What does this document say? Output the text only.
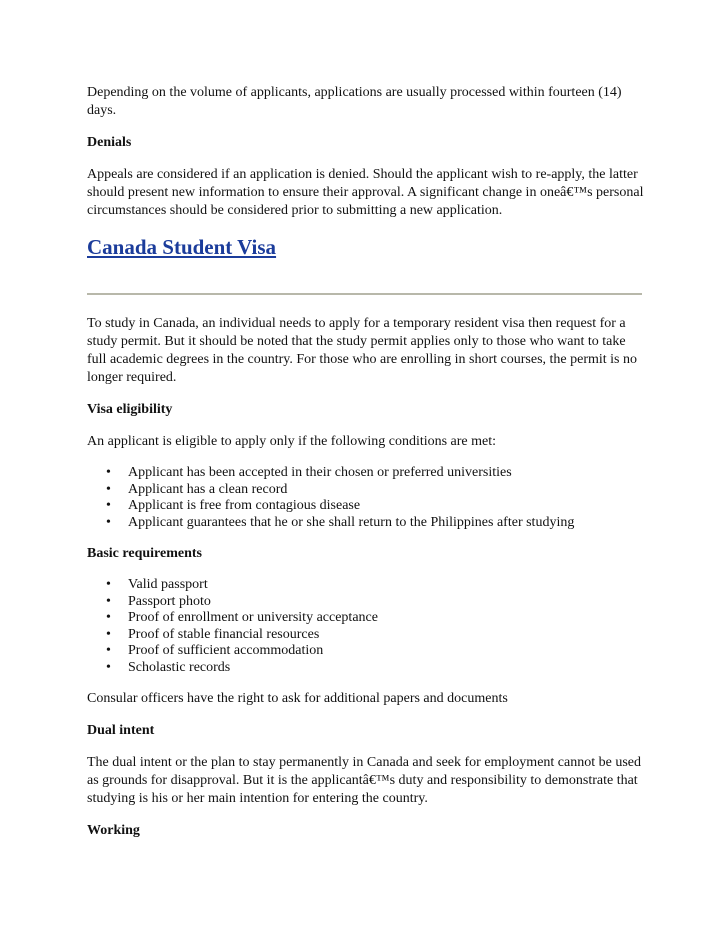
Depending on the volume of applicants, applications are usually processed within fourteen (14) days.

Denials

Appeals are considered if an application is denied. Should the applicant wish to re-apply, the latter should present new information to ensure their approval. A significant change in oneâ€™s personal circumstances should be considered prior to submitting a new application.

Canada Student Visa

To study in Canada, an individual needs to apply for a temporary resident visa then request for a study permit. But it should be noted that the study permit applies only to those who want to take full academic degrees in the country. For those who are enrolling in short courses, the permit is no longer required.

Visa eligibility

An applicant is eligible to apply only if the following conditions are met:

• Applicant has been accepted in their chosen or preferred universities
• Applicant has a clean record
• Applicant is free from contagious disease
• Applicant guarantees that he or she shall return to the Philippines after studying

Basic requirements

• Valid passport
• Passport photo
• Proof of enrollment or university acceptance
• Proof of stable financial resources
• Proof of sufficient accommodation
• Scholastic records

Consular officers have the right to ask for additional papers and documents

Dual intent

The dual intent or the plan to stay permanently in Canada and seek for employment cannot be used as grounds for disapproval. But it is the applicantâ€™s duty and responsibility to demonstrate that studying is his or her main intention for entering the country.

Working
